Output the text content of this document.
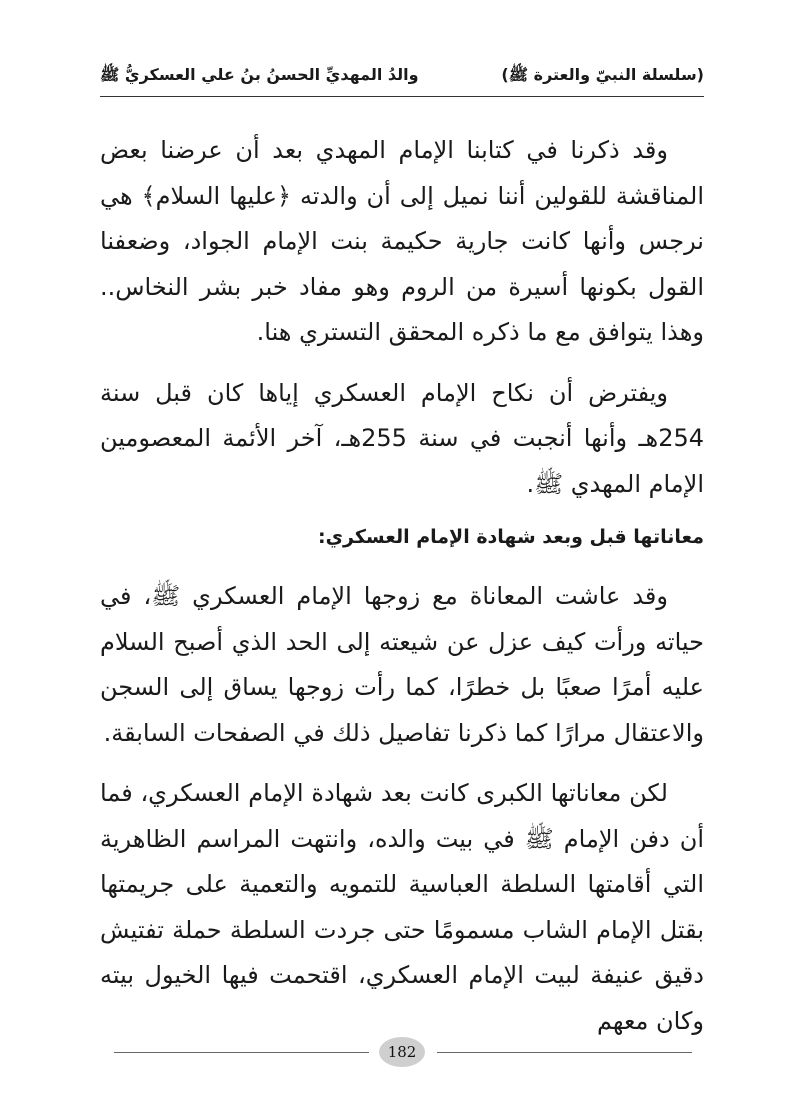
(سلسلة النبيّ والعترة ﷺ)
والدُ المهديِّ الحسنُ بنُ علي العسكريُّ ﷺ

وقد ذكرنا في كتابنا الإمام المهدي بعد أن عرضنا بعض المناقشة للقولين أننا نميل إلى أن والدته ﴿عليها السلام﴾ هي نرجس وأنها كانت جارية حكيمة بنت الإمام الجواد، وضعفنا القول بكونها أسيرة من الروم وهو مفاد خبر بشر النخاس.. وهذا يتوافق مع ما ذكره المحقق التستري هنا.

ويفترض أن نكاح الإمام العسكري إياها كان قبل سنة 254هـ وأنها أنجبت في سنة 255هـ، آخر الأئمة المعصومين الإمام المهدي ﷺ.

معاناتها قبل وبعد شهادة الإمام العسكري:

وقد عاشت المعاناة مع زوجها الإمام العسكري ﷺ، في حياته ورأت كيف عزل عن شيعته إلى الحد الذي أصبح السلام عليه أمرًا صعبًا بل خطرًا، كما رأت زوجها يساق إلى السجن والاعتقال مرارًا كما ذكرنا تفاصيل ذلك في الصفحات السابقة.

لكن معاناتها الكبرى كانت بعد شهادة الإمام العسكري، فما أن دفن الإمام ﷺ في بيت والده، وانتهت المراسم الظاهرية التي أقامتها السلطة العباسية للتمويه والتعمية على جريمتها بقتل الإمام الشاب مسمومًا حتى جردت السلطة حملة تفتيش دقيق عنيفة لبيت الإمام العسكري، اقتحمت فيها الخيول بيته وكان معهم

182
